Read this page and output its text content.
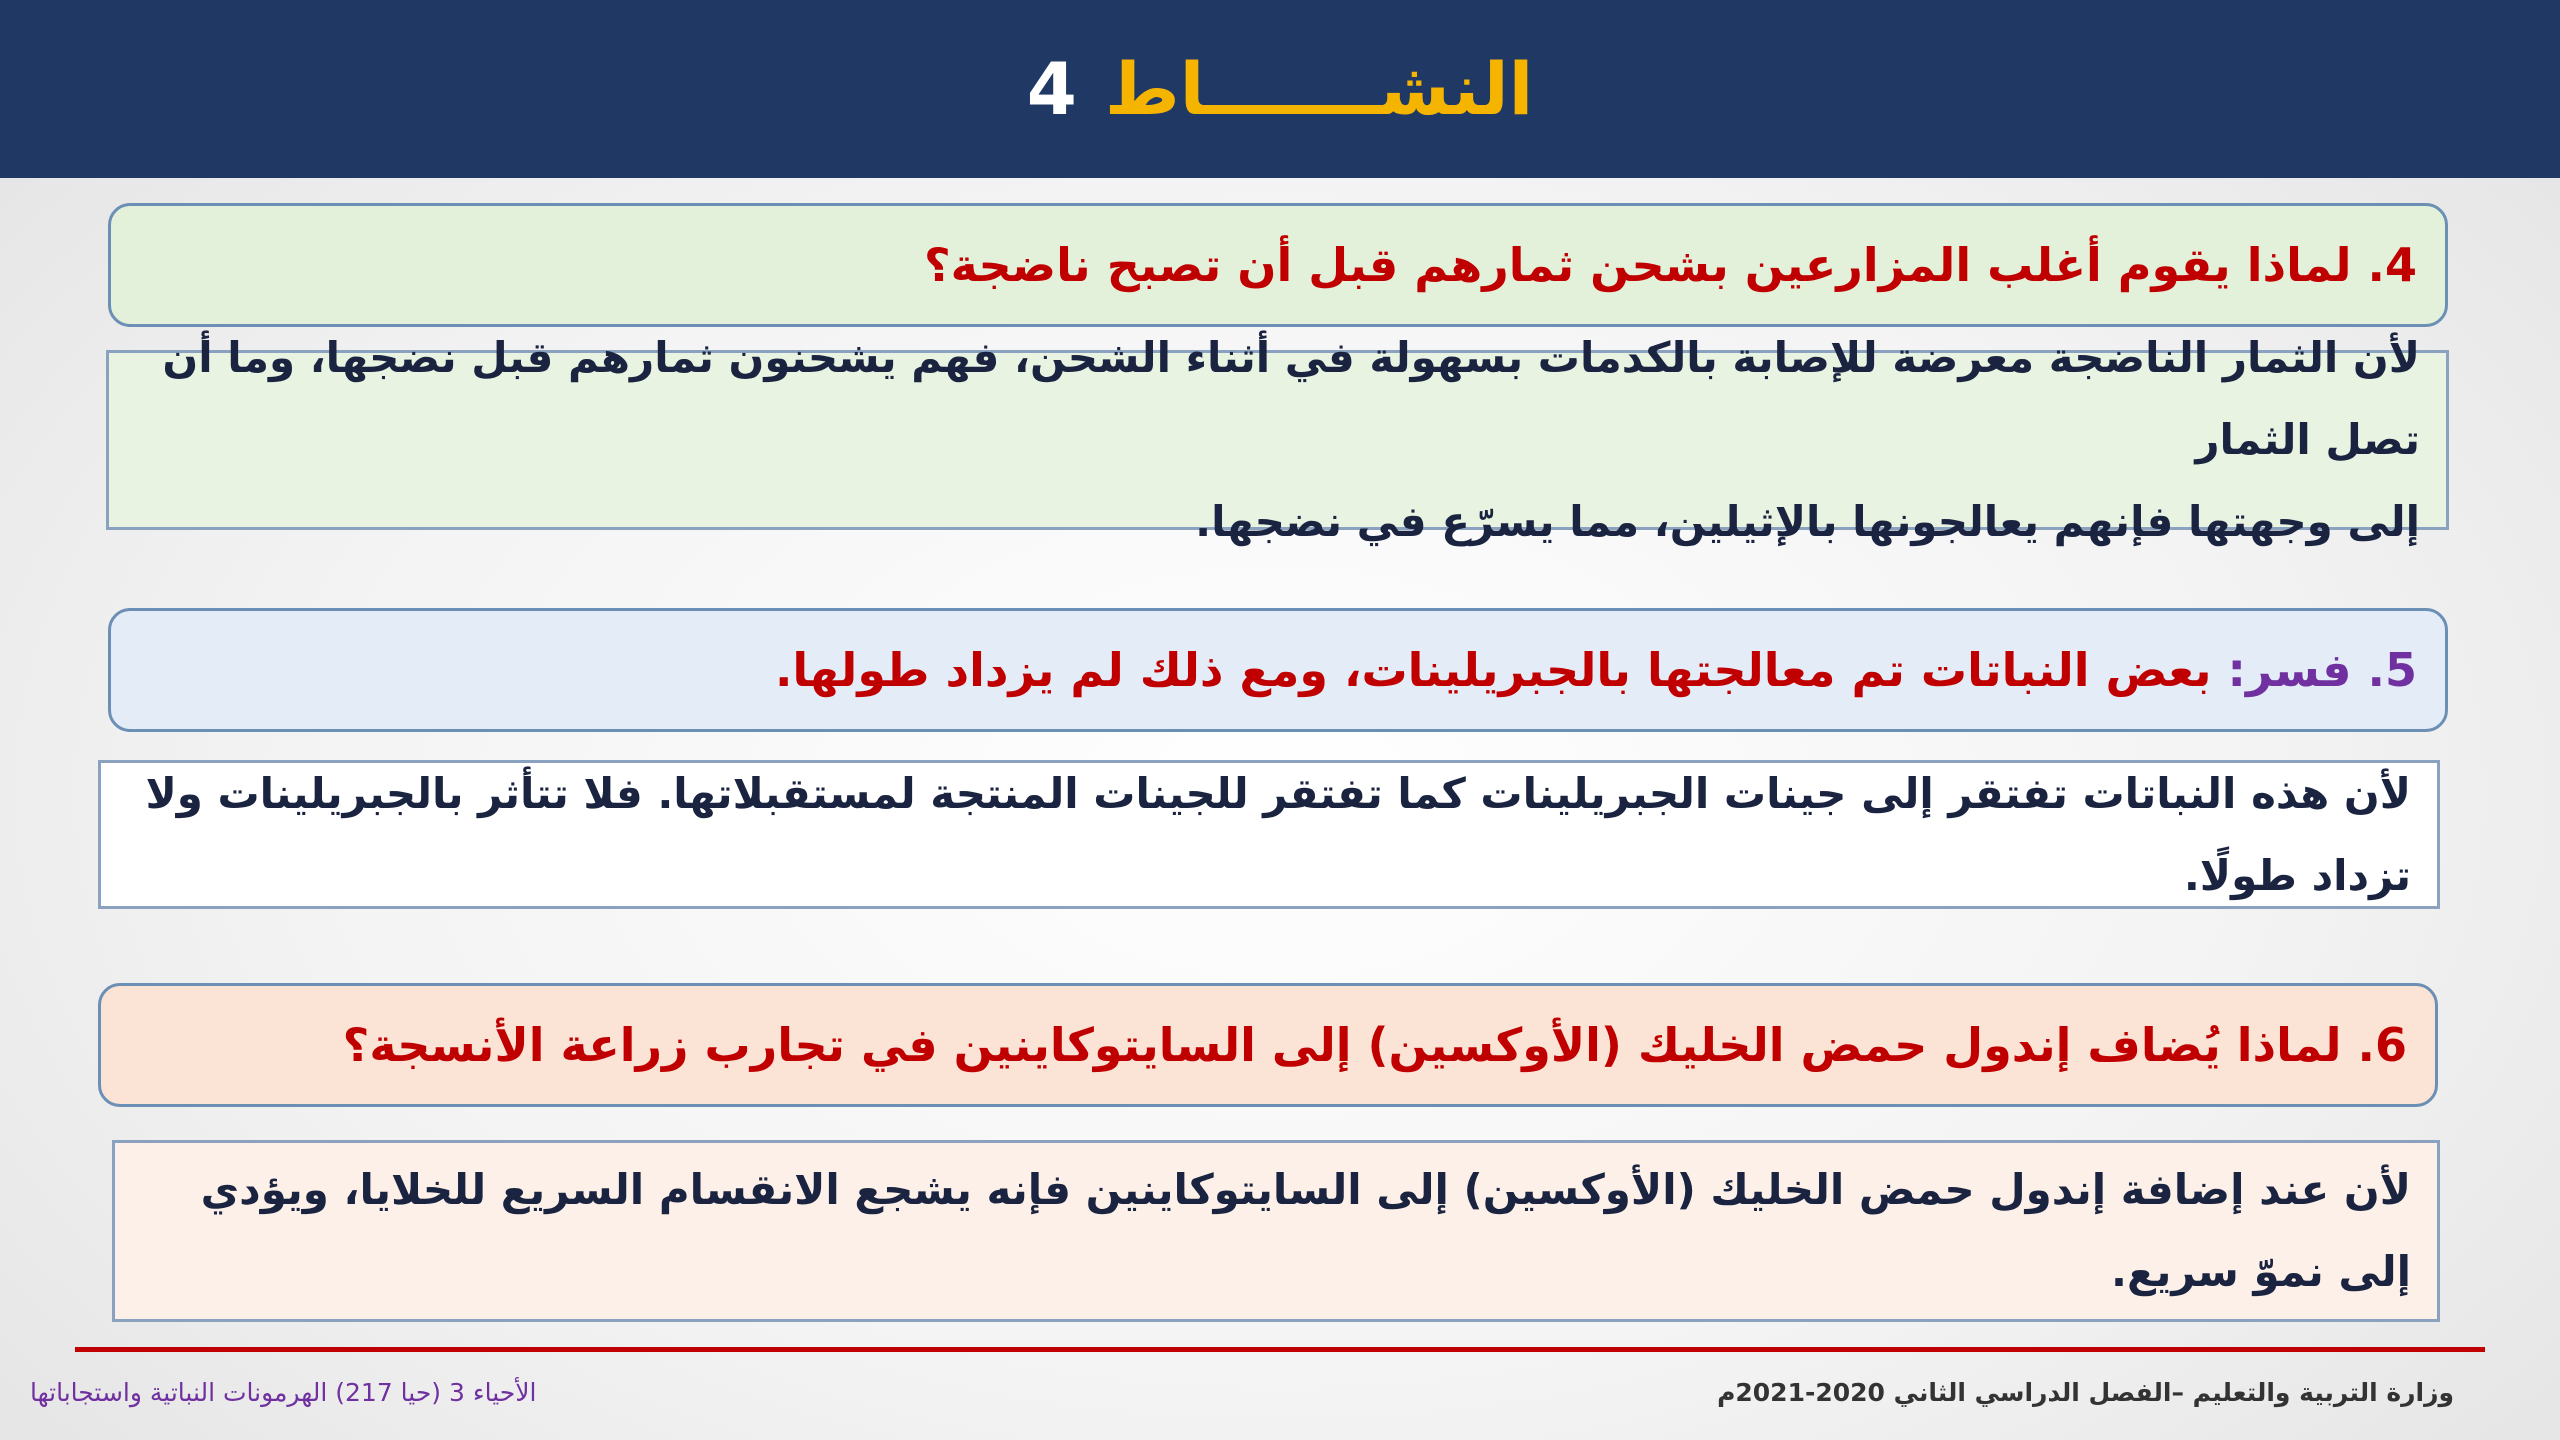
النشـــــــاط
4
4. لماذا يقوم أغلب المزارعين بشحن ثمارهم قبل أن تصبح ناضجة؟
لأن الثمار الناضجة معرضة للإصابة بالكدمات بسهولة في أثناء الشحن، فهم يشحنون ثمارهم قبل نضجها، وما أن تصل الثمار
إلى وجهتها فإنهم يعالجونها بالإثيلين، مما يسرّع في نضجها.
5. فسر: بعض النباتات تم معالجتها بالجبريلينات، ومع ذلك لم يزداد طولها.
لأن هذه النباتات تفتقر إلى جينات الجبريلينات كما تفتقر للجينات المنتجة لمستقبلاتها. فلا تتأثر بالجبريلينات ولا تزداد طولًا.
6. لماذا يُضاف إندول حمض الخليك (الأوكسين) إلى السايتوكاينين في تجارب زراعة الأنسجة؟
لأن عند إضافة إندول حمض الخليك (الأوكسين) إلى السايتوكاينين فإنه يشجع الانقسام السريع للخلايا، ويؤدي إلى نموّ سريع.
وزارة التربية والتعليم –الفصل الدراسي الثاني 2020-2021م
الأحياء 3 (حيا 217) الهرمونات النباتية واستجاباتها
